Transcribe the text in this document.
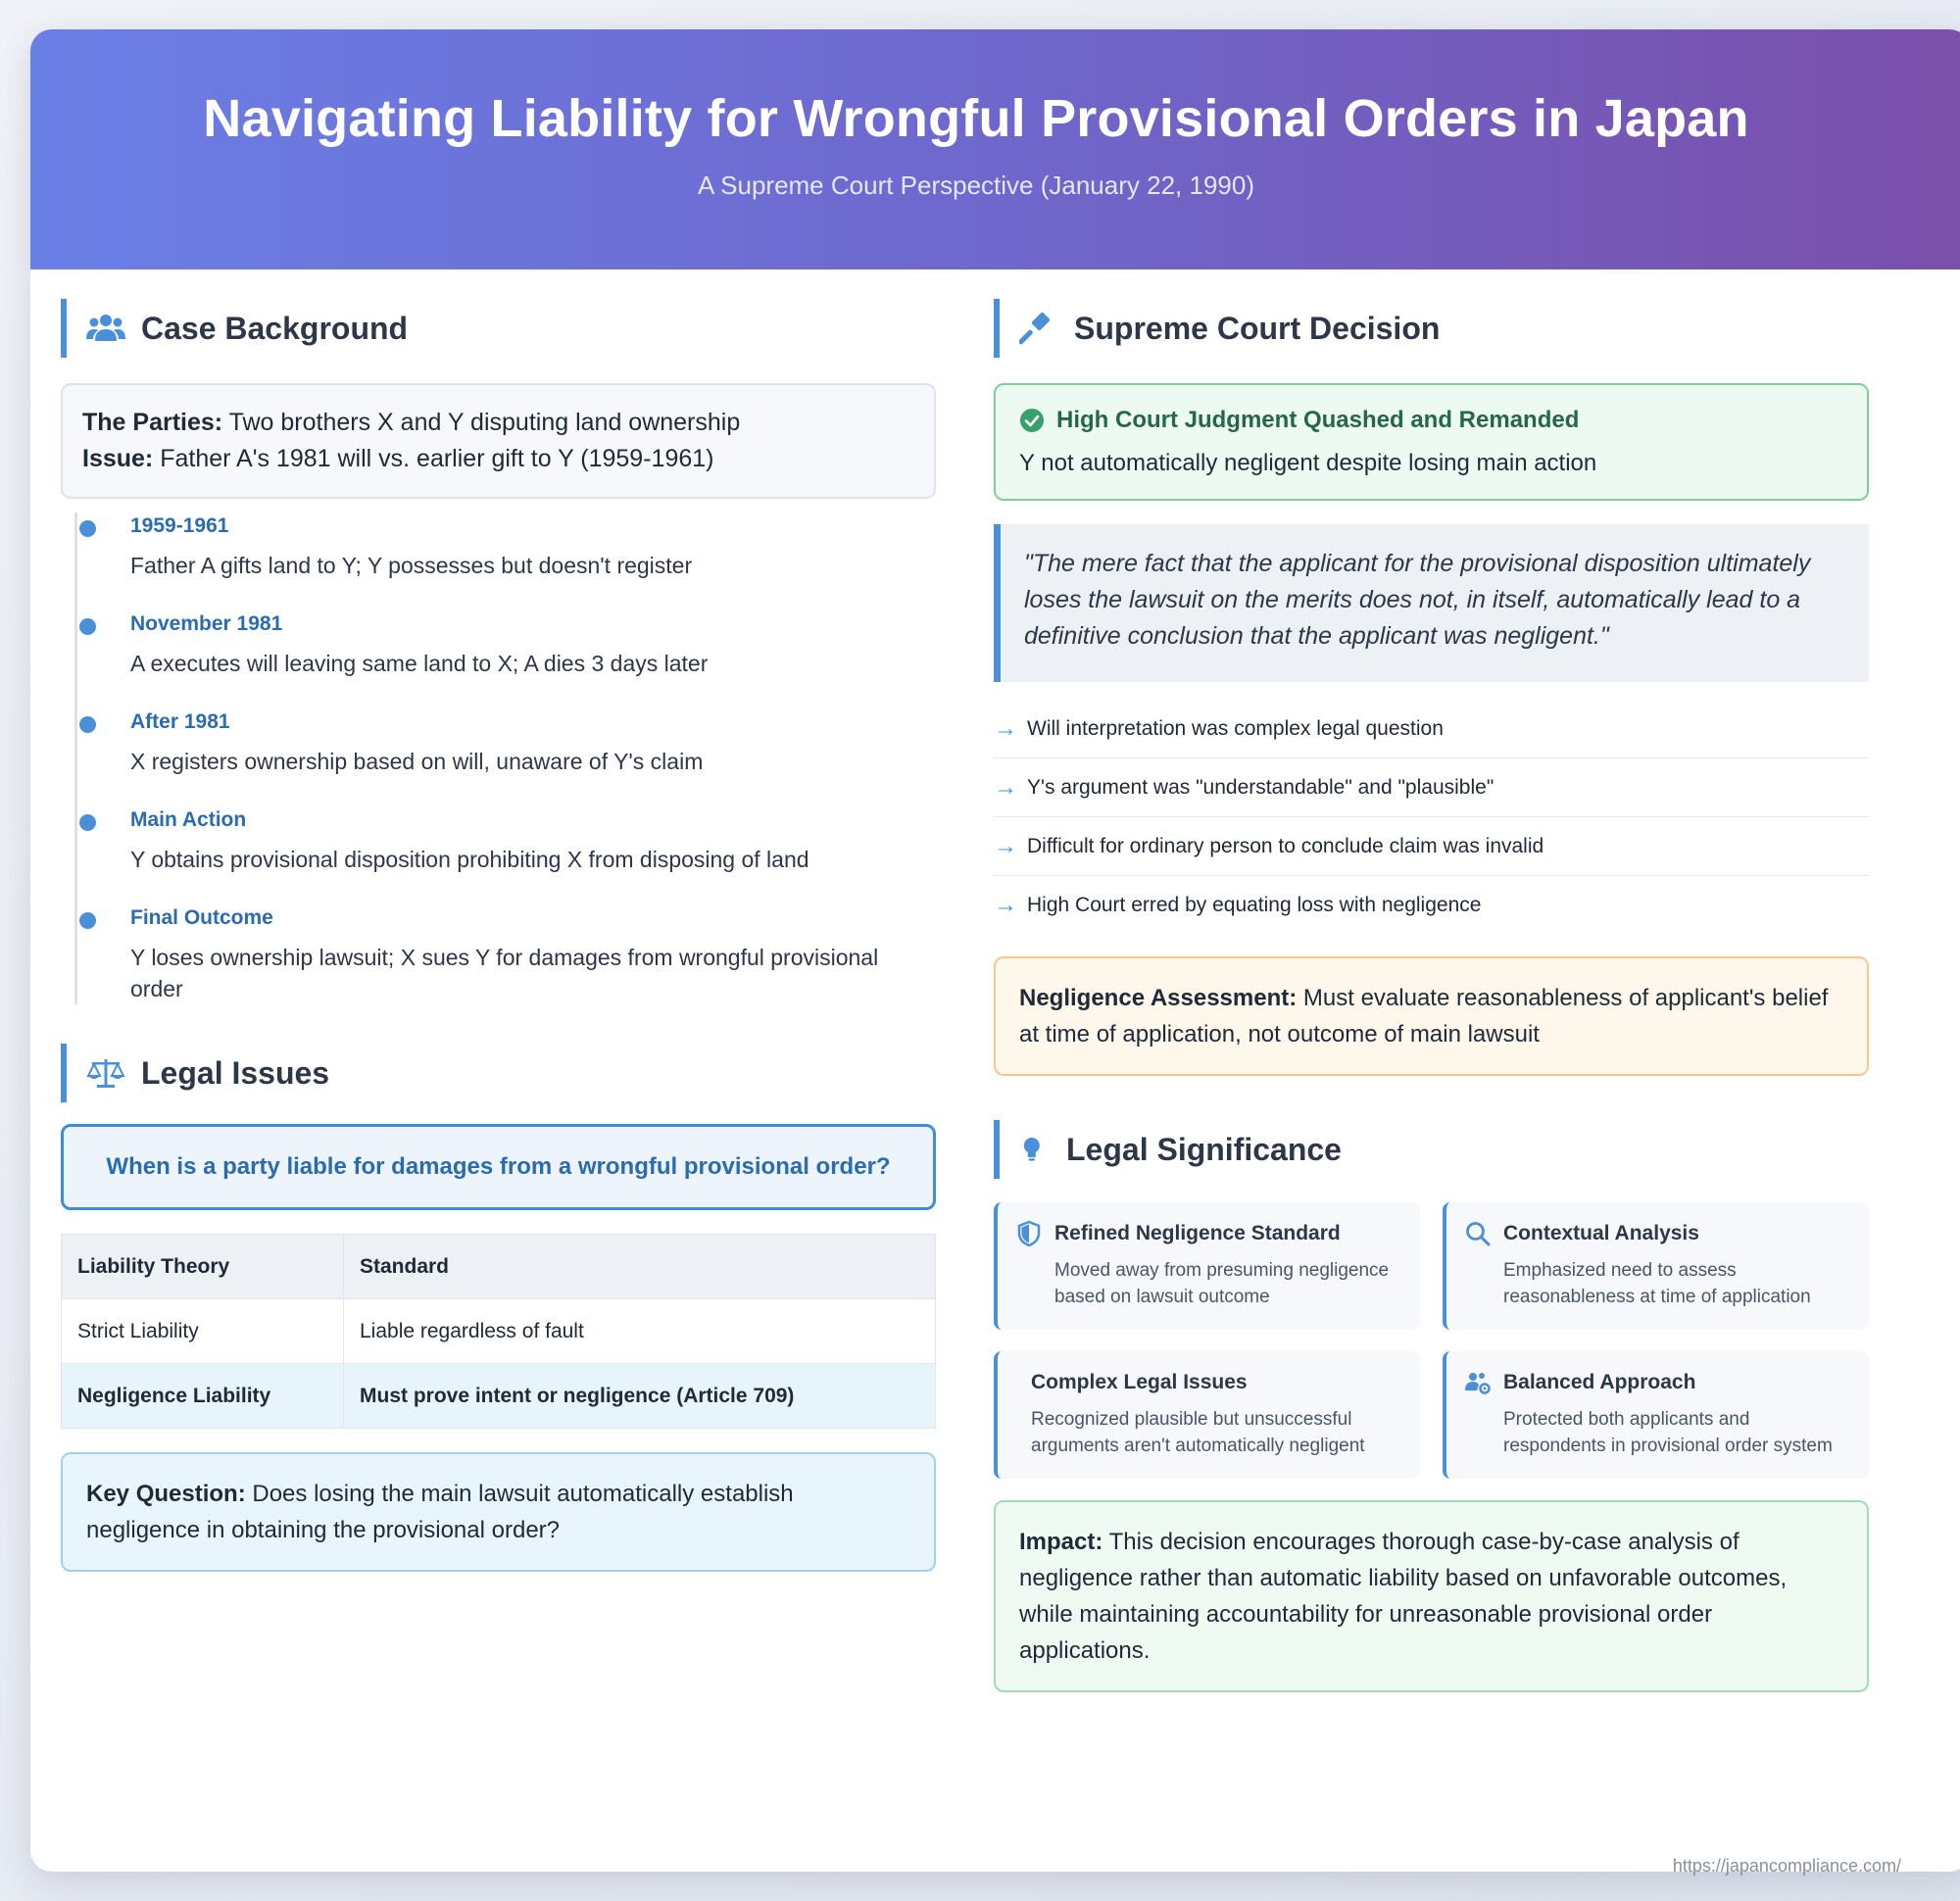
Navigating Liability for Wrongful Provisional Orders in Japan
A Supreme Court Perspective (January 22, 1990)
Case Background
The Parties: Two brothers X and Y disputing land ownership
Issue: Father A's 1981 will vs. earlier gift to Y (1959-1961)
1959-1961
Father A gifts land to Y; Y possesses but doesn't register
November 1981
A executes will leaving same land to X; A dies 3 days later
After 1981
X registers ownership based on will, unaware of Y's claim
Main Action
Y obtains provisional disposition prohibiting X from disposing of land
Final Outcome
Y loses ownership lawsuit; X sues Y for damages from wrongful provisional order
Legal Issues
When is a party liable for damages from a wrongful provisional order?
Liability Theory	Standard
Strict Liability	Liable regardless of fault
Negligence Liability	Must prove intent or negligence (Article 709)
Key Question: Does losing the main lawsuit automatically establish negligence in obtaining the provisional order?
Supreme Court Decision
High Court Judgment Quashed and Remanded
Y not automatically negligent despite losing main action
"The mere fact that the applicant for the provisional disposition ultimately loses the lawsuit on the merits does not, in itself, automatically lead to a definitive conclusion that the applicant was negligent."
→ Will interpretation was complex legal question
→ Y's argument was "understandable" and "plausible"
→ Difficult for ordinary person to conclude claim was invalid
→ High Court erred by equating loss with negligence
Negligence Assessment: Must evaluate reasonableness of applicant's belief at time of application, not outcome of main lawsuit
Legal Significance
Refined Negligence Standard
Moved away from presuming negligence based on lawsuit outcome
Contextual Analysis
Emphasized need to assess reasonableness at time of application
Complex Legal Issues
Recognized plausible but unsuccessful arguments aren't automatically negligent
Balanced Approach
Protected both applicants and respondents in provisional order system
Impact: This decision encourages thorough case-by-case analysis of negligence rather than automatic liability based on unfavorable outcomes, while maintaining accountability for unreasonable provisional order applications.
https://japancompliance.com/
